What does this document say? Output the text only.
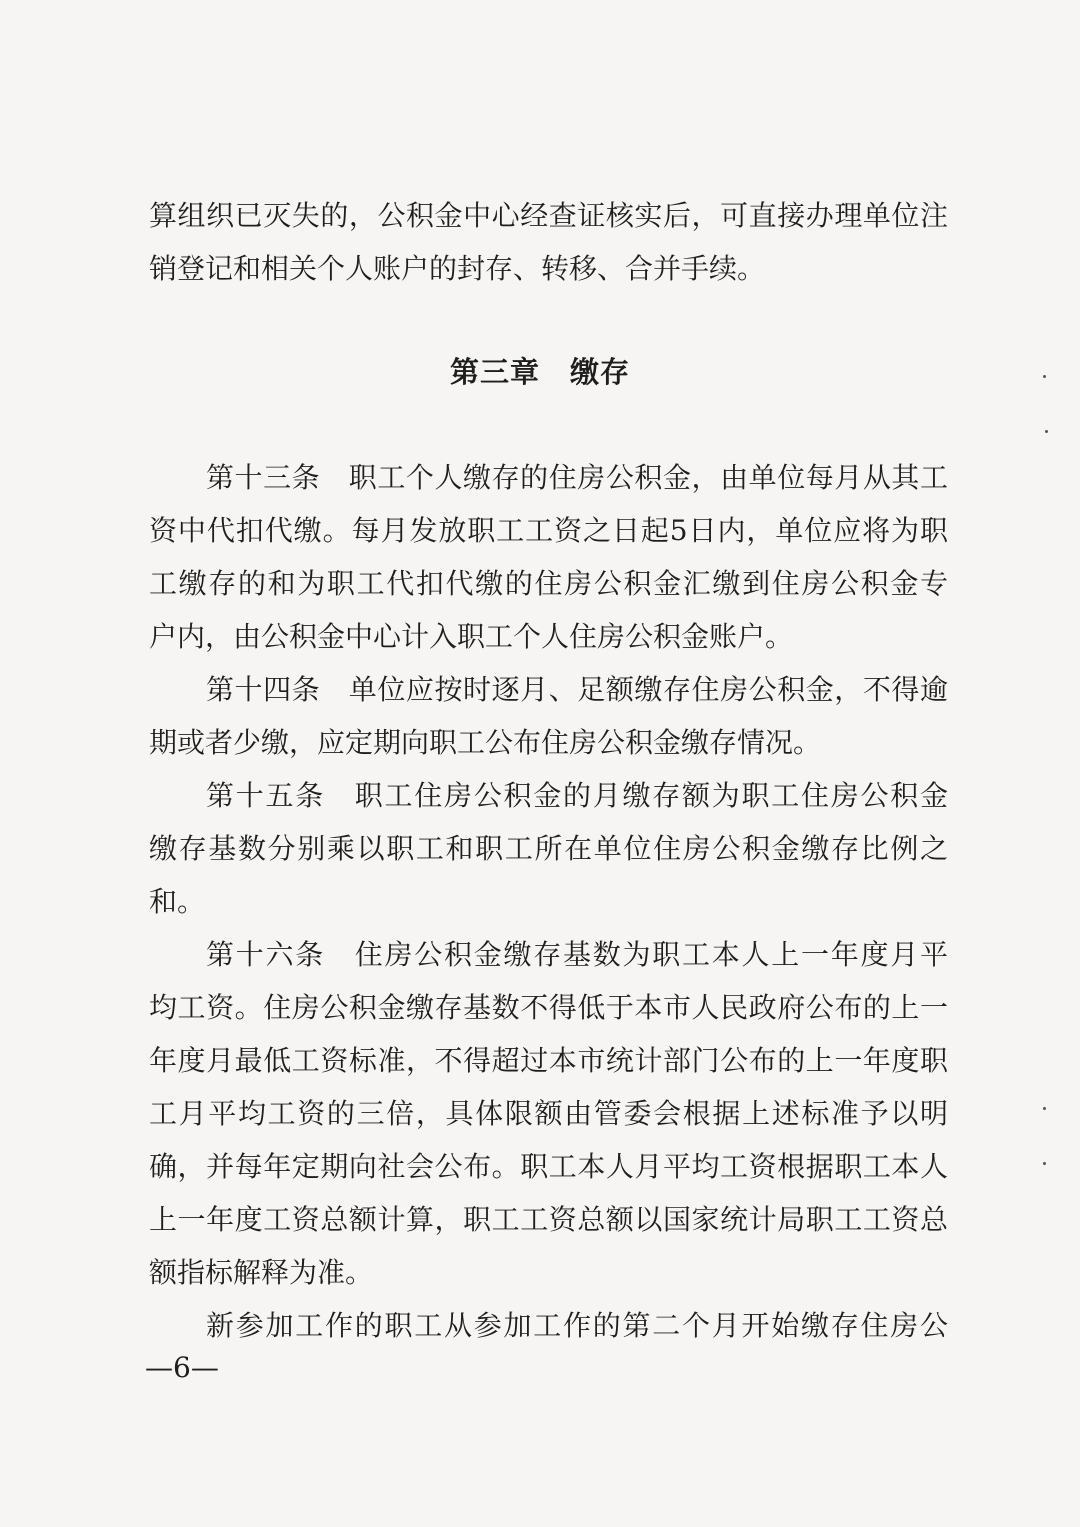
算组织已灭失的，公积金中心经查证核实后，可直接办理单位注
销登记和相关个人账户的封存、转移、合并手续。
第三章 缴存
第十三条　职工个人缴存的住房公积金，由单位每月从其工
资中代扣代缴。每月发放职工工资之日起5日内，单位应将为职
工缴存的和为职工代扣代缴的住房公积金汇缴到住房公积金专
户内，由公积金中心计入职工个人住房公积金账户。
第十四条　单位应按时逐月、足额缴存住房公积金，不得逾
期或者少缴，应定期向职工公布住房公积金缴存情况。
第十五条　职工住房公积金的月缴存额为职工住房公积金
缴存基数分别乘以职工和职工所在单位住房公积金缴存比例之
和。
第十六条　住房公积金缴存基数为职工本人上一年度月平
均工资。住房公积金缴存基数不得低于本市人民政府公布的上一
年度月最低工资标准，不得超过本市统计部门公布的上一年度职
工月平均工资的三倍，具体限额由管委会根据上述标准予以明
确，并每年定期向社会公布。职工本人月平均工资根据职工本人
上一年度工资总额计算，职工工资总额以国家统计局职工工资总
额指标解释为准。
新参加工作的职工从参加工作的第二个月开始缴存住房公
—6—
